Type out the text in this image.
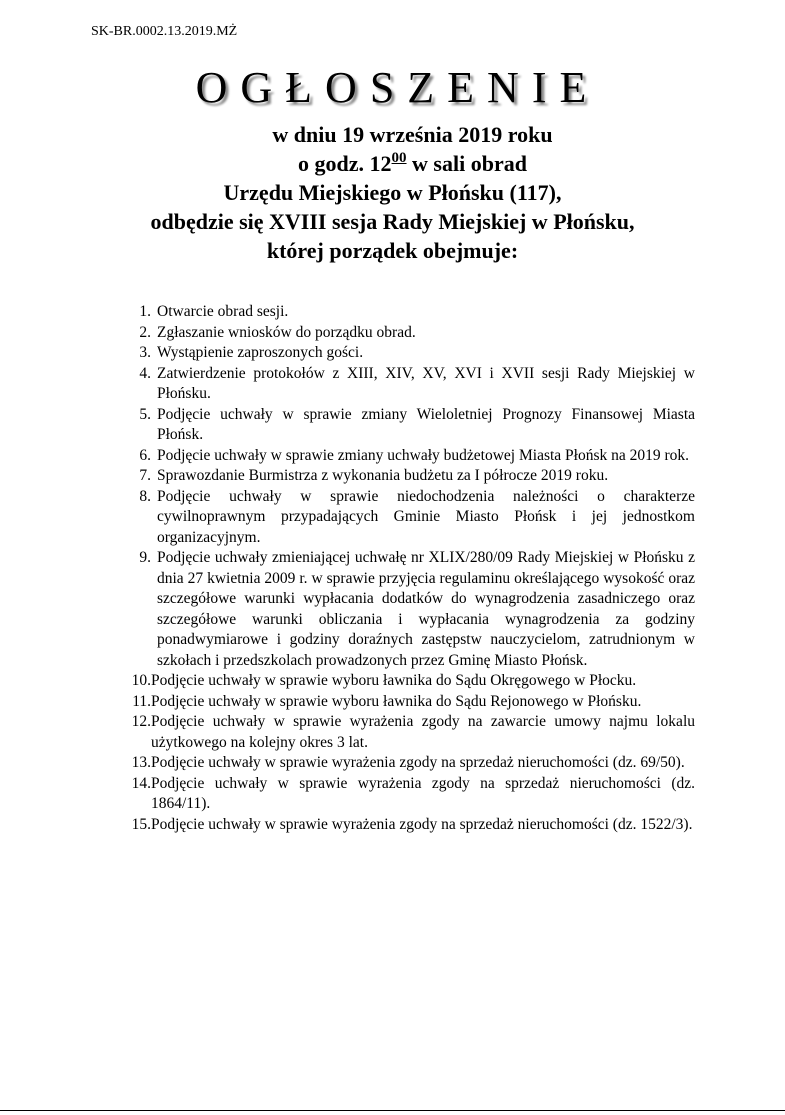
SK-BR.0002.13.2019.MŻ
OGŁOSZENIE
w dniu 19 września 2019 roku
o godz. $12^{00}$ w sali obrad
Urzędu Miejskiego w Płońsku (117),
odbędzie się XVIII sesja Rady Miejskiej w Płońsku,
której porządek obejmuje:
1. Otwarcie obrad sesji.
2. Zgłaszanie wniosków do porządku obrad.
3. Wystąpienie zaproszonych gości.
4. Zatwierdzenie protokołów z XIII, XIV, XV, XVI i XVII sesji Rady Miejskiej w Płońsku.
5. Podjęcie uchwały w sprawie zmiany Wieloletniej Prognozy Finansowej Miasta Płońsk.
6. Podjęcie uchwały w sprawie zmiany uchwały budżetowej Miasta Płońsk na 2019 rok.
7. Sprawozdanie Burmistrza z wykonania budżetu za I półrocze 2019 roku.
8. Podjęcie uchwały w sprawie niedochodzenia należności o charakterze cywilnoprawnym przypadających Gminie Miasto Płońsk i jej jednostkom organizacyjnym.
9. Podjęcie uchwały zmieniającej uchwałę nr XLIX/280/09 Rady Miejskiej w Płońsku z dnia 27 kwietnia 2009 r. w sprawie przyjęcia regulaminu określającego wysokość oraz szczegółowe warunki wypłacania dodatków do wynagrodzenia zasadniczego oraz szczegółowe warunki obliczania i wypłacania wynagrodzenia za godziny ponadwymiarowe i godziny doraźnych zastępstw nauczycielom, zatrudnionym w szkołach i przedszkolach prowadzonych przez Gminę Miasto Płońsk.
10. Podjęcie uchwały w sprawie wyboru ławnika do Sądu Okręgowego w Płocku.
11. Podjęcie uchwały w sprawie wyboru ławnika do Sądu Rejonowego w Płońsku.
12. Podjęcie uchwały w sprawie wyrażenia zgody na zawarcie umowy najmu lokalu użytkowego na kolejny okres 3 lat.
13. Podjęcie uchwały w sprawie wyrażenia zgody na sprzedaż nieruchomości (dz. 69/50).
14. Podjęcie uchwały w sprawie wyrażenia zgody na sprzedaż nieruchomości (dz. 1864/11).
15. Podjęcie uchwały w sprawie wyrażenia zgody na sprzedaż nieruchomości (dz. 1522/3).
